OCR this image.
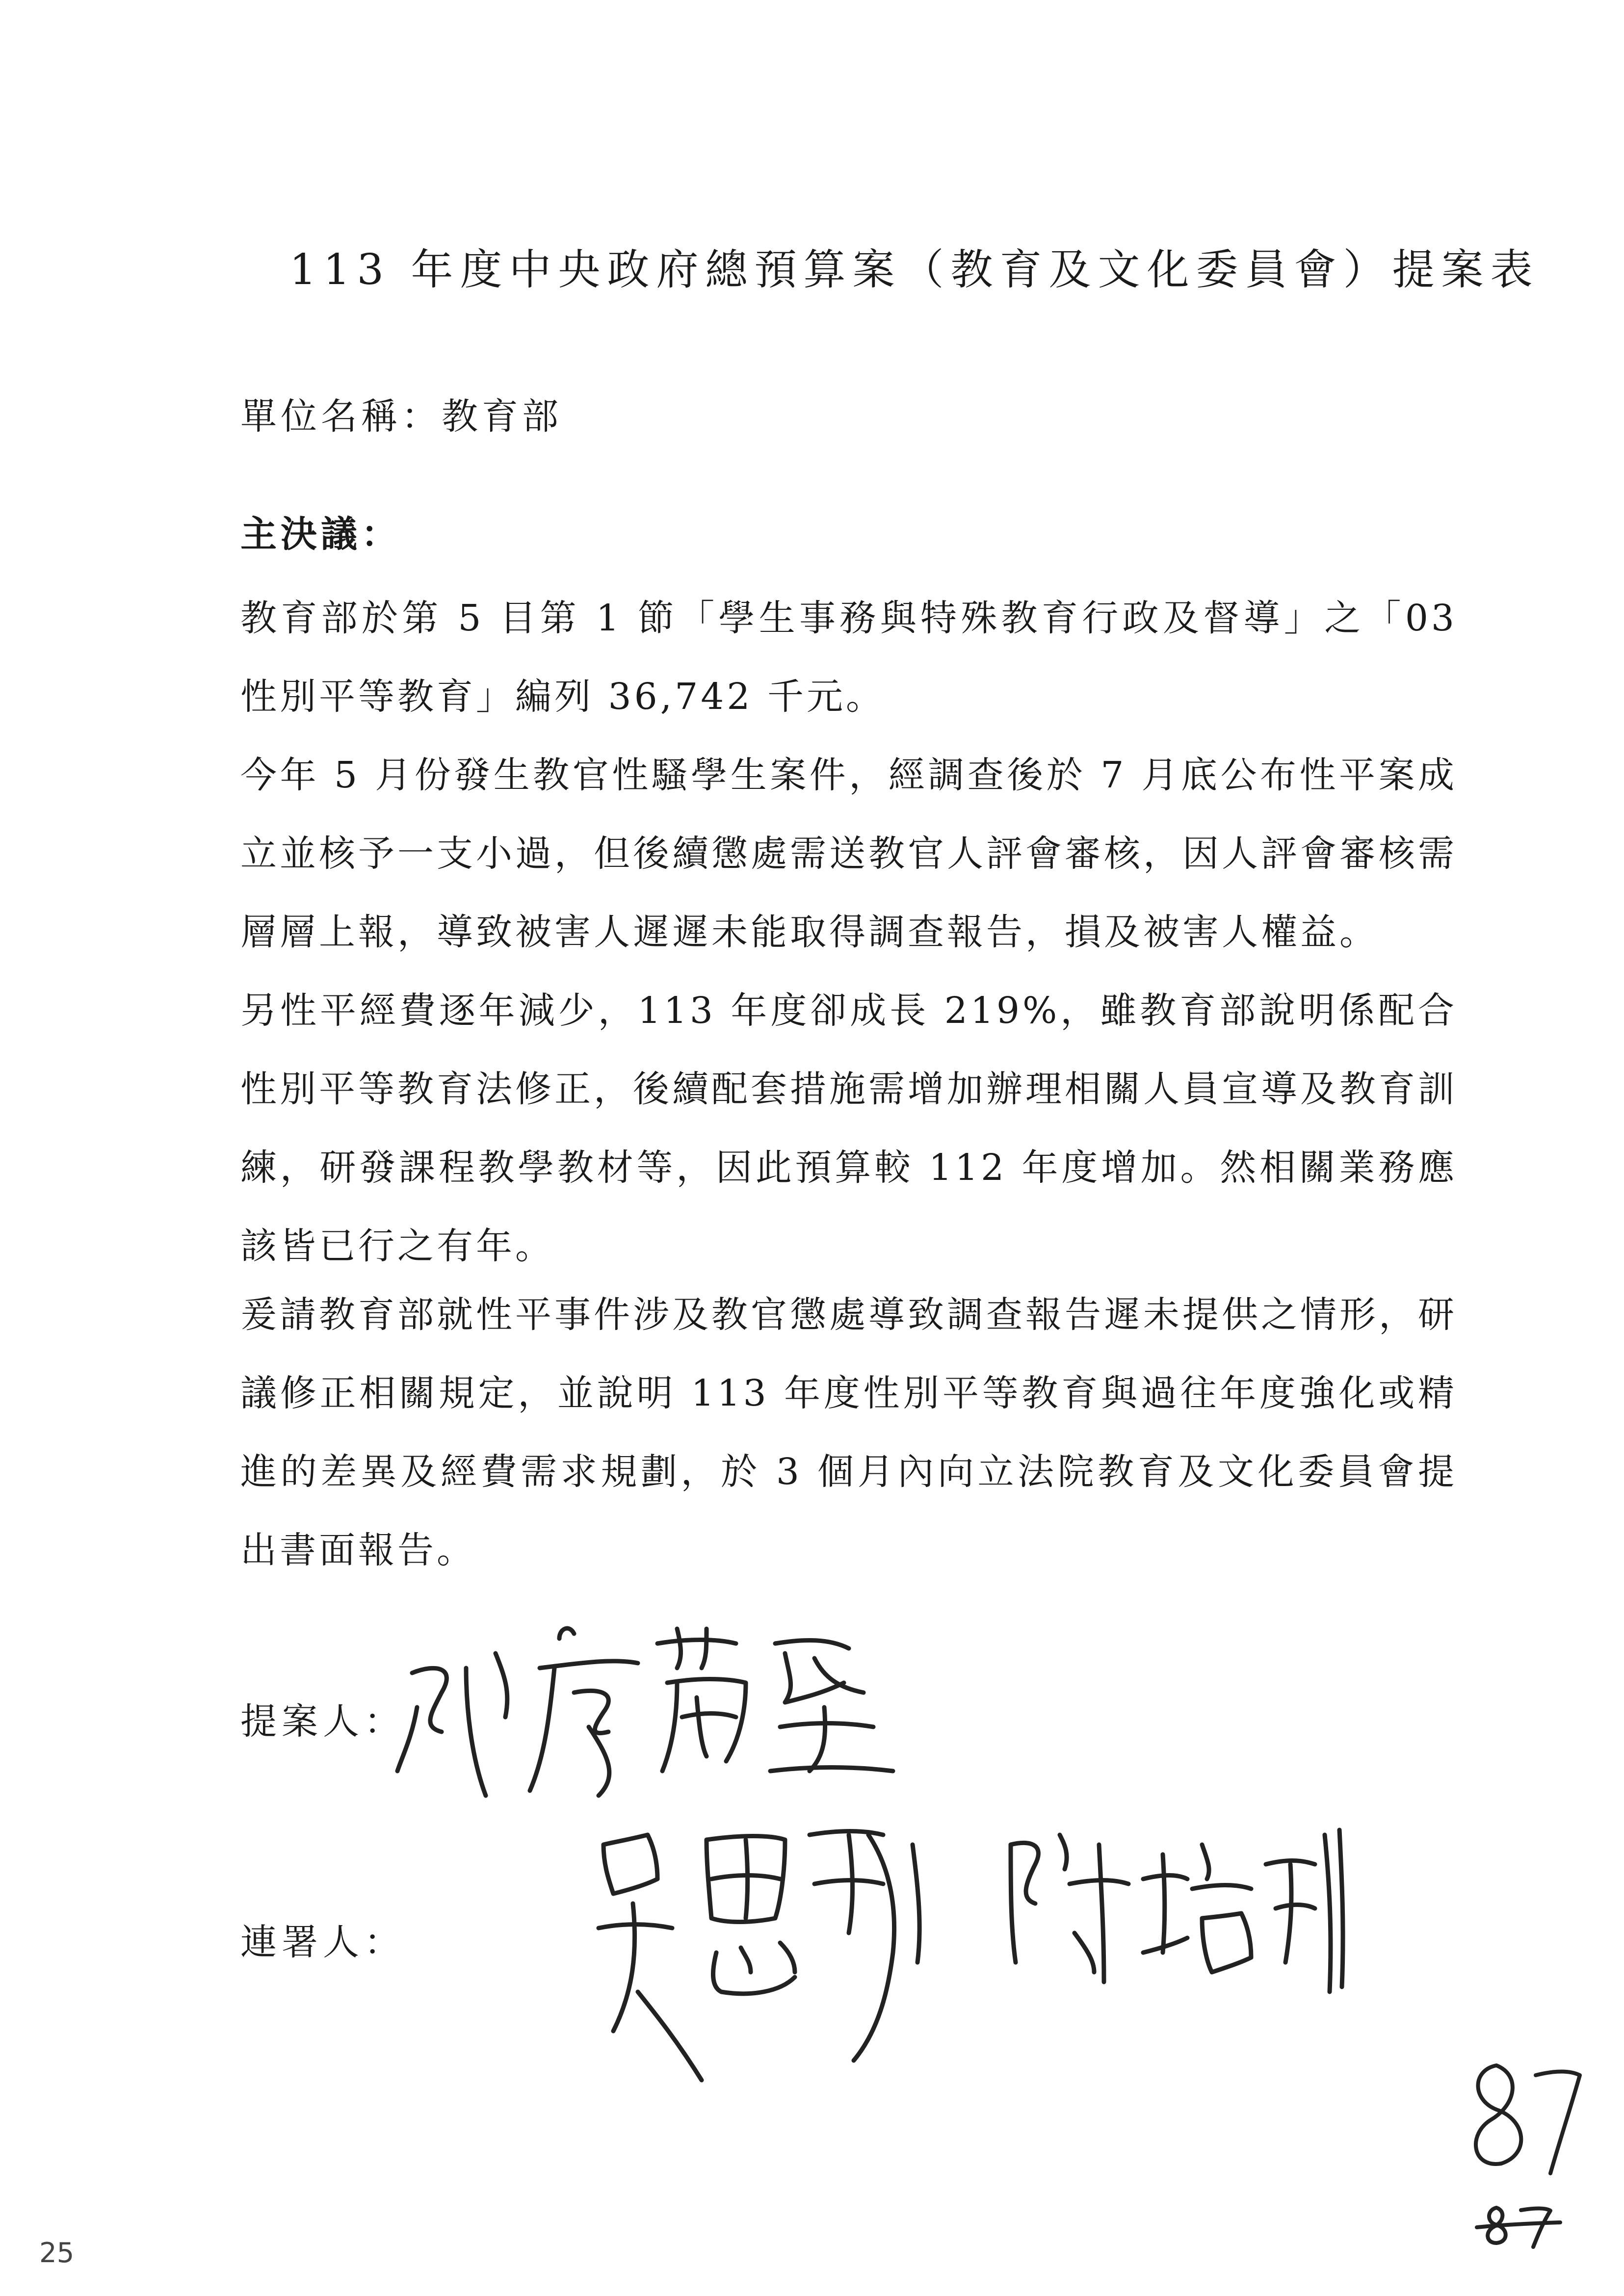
113 年度中央政府總預算案（教育及文化委員會）提案表
單位名稱：教育部
主決議：
教育部於第 5 目第 1 節「學生事務與特殊教育行政及督導」之「03 性別平等教育」編列 36,742 千元。
今年 5 月份發生教官性騷學生案件，經調查後於 7 月底公布性平案成立並核予一支小過，但後續懲處需送教官人評會審核，因人評會審核需層層上報，導致被害人遲遲未能取得調查報告，損及被害人權益。
另性平經費逐年減少，113 年度卻成長 219%，雖教育部說明係配合性別平等教育法修正，後續配套措施需增加辦理相關人員宣導及教育訓練，研發課程教學教材等，因此預算較 112 年度增加。然相關業務應該皆已行之有年。
爰請教育部就性平事件涉及教官懲處導致調查報告遲未提供之情形，研議修正相關規定，並說明 113 年度性別平等教育與過往年度強化或精進的差異及經費需求規劃，於 3 個月內向立法院教育及文化委員會提出書面報告。
提案人：
連署人：
25
